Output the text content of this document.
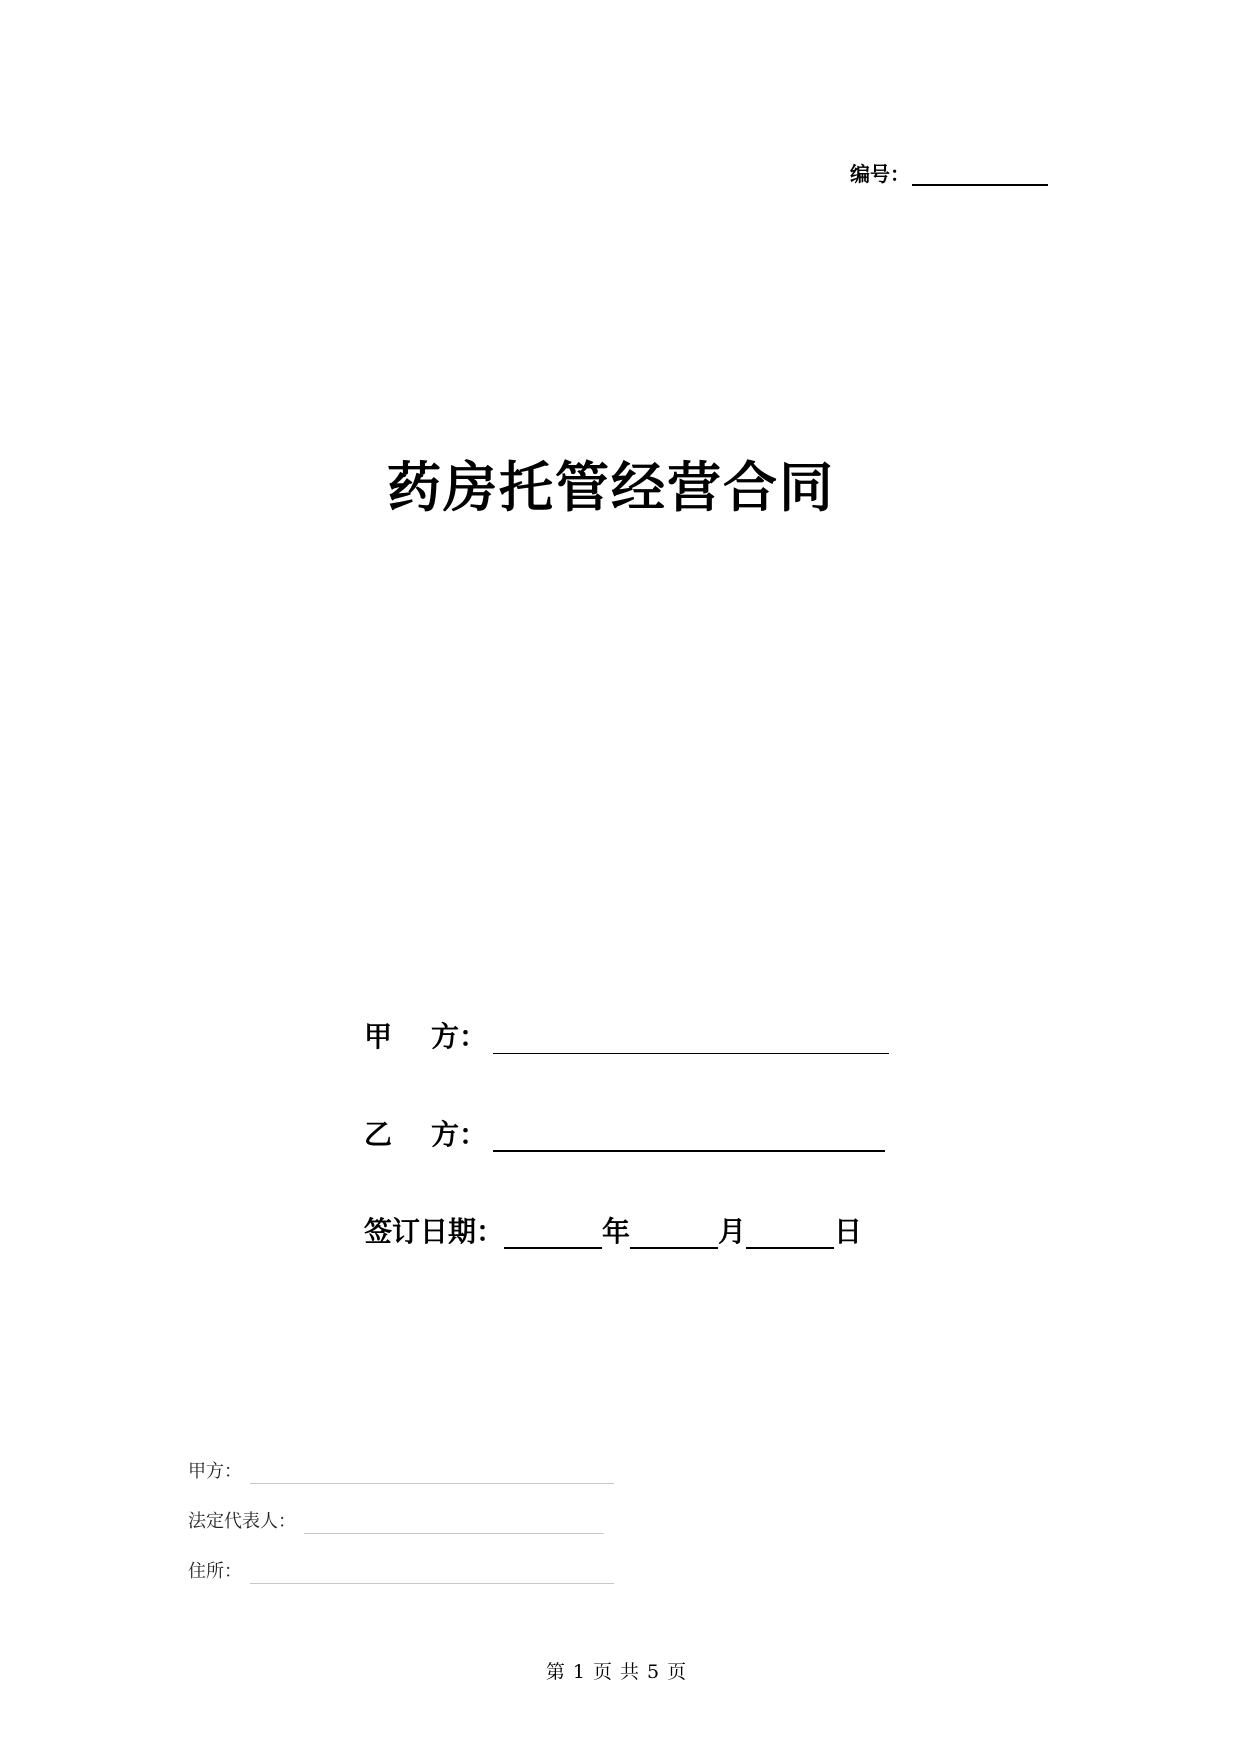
编号：
药房托管经营合同
甲    方：
乙    方：
签订日期：	年	月	日
甲方：
法定代表人：
住所：
第 1 页 共 5 页
